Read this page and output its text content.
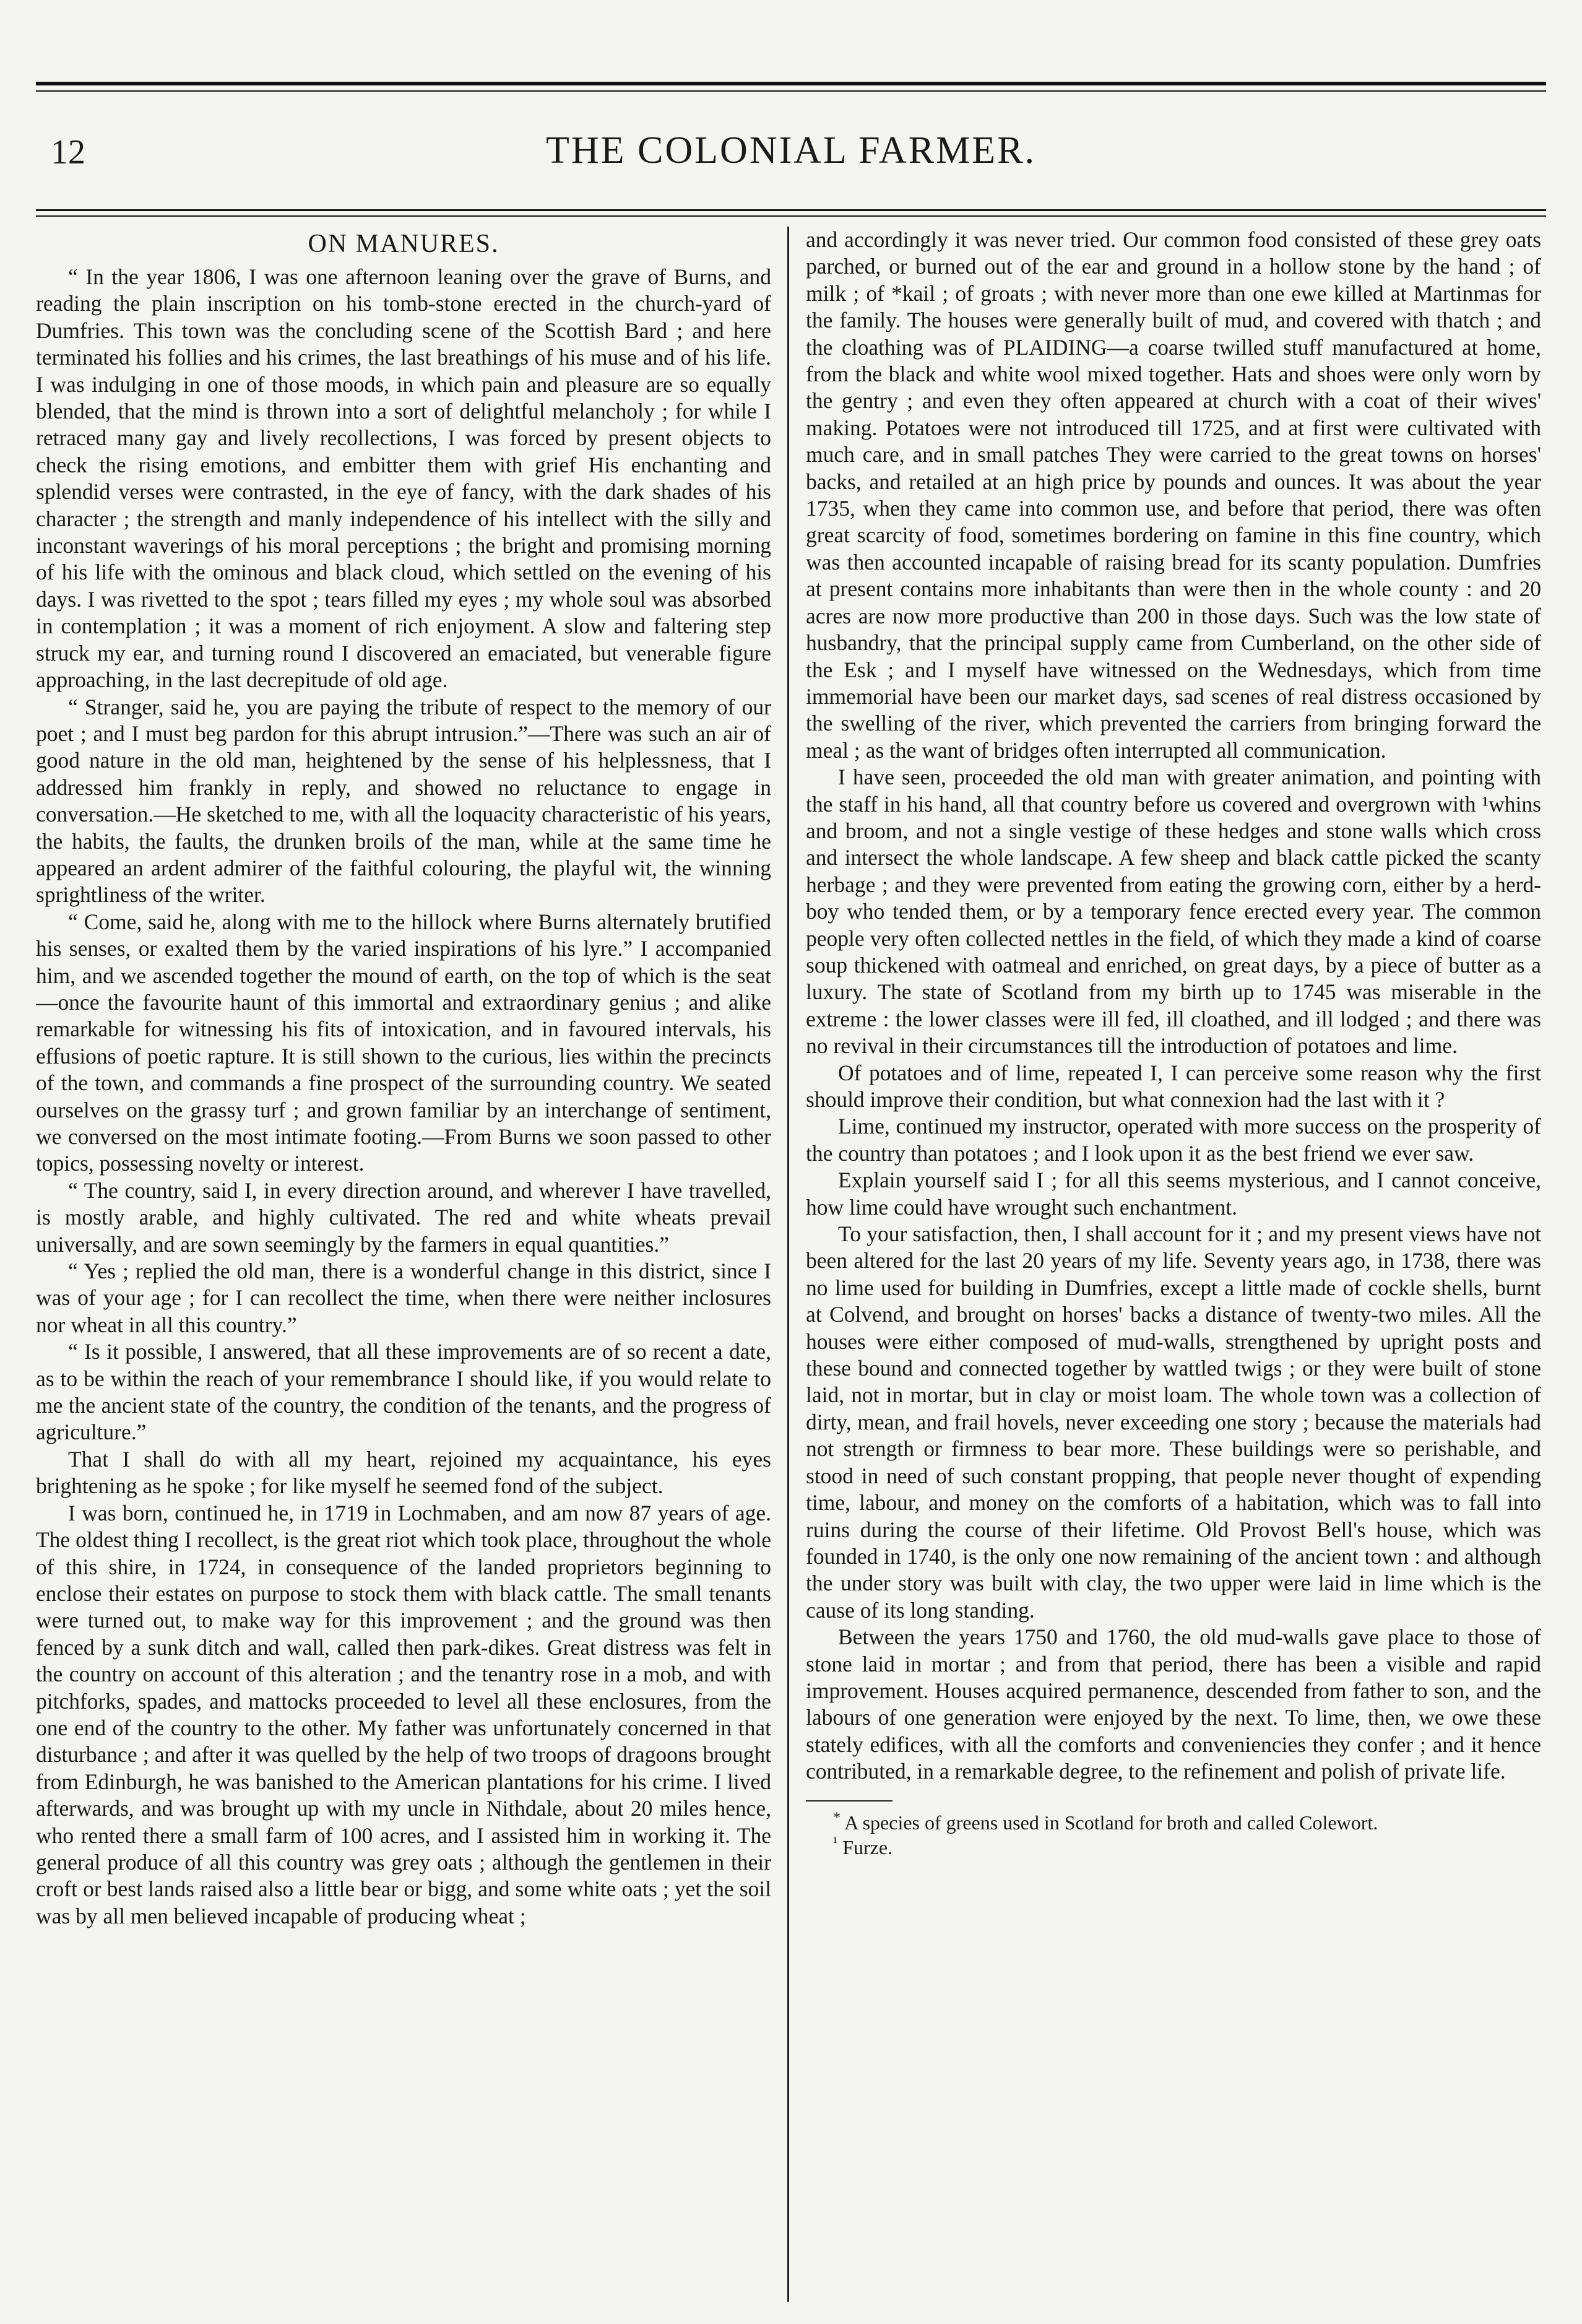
12	THE COLONIAL FARMER.
ON MANURES.

“ In the year 1806, I was one afternoon leaning over the grave of Burns, and reading the plain inscription on his tomb-stone erected in the church-yard of Dumfries. This town was the concluding scene of the Scottish Bard ; and here terminated his follies and his crimes, the last breathings of his muse and of his life. I was indulging in one of those moods, in which pain and pleasure are so equally blended, that the mind is thrown into a sort of delightful melancholy ; for while I retraced many gay and lively recollections, I was forced by present objects to check the rising emotions, and embitter them with grief His enchanting and splendid verses were contrasted, in the eye of fancy, with the dark shades of his character ; the strength and manly independence of his intellect with the silly and inconstant waverings of his moral perceptions ; the bright and promising morning of his life with the ominous and black cloud, which settled on the evening of his days. I was rivetted to the spot ; tears filled my eyes ; my whole soul was absorbed in contemplation ; it was a moment of rich enjoyment. A slow and faltering step struck my ear, and turning round I discovered an emaciated, but venerable figure approaching, in the last decrepitude of old age.

“ Stranger, said he, you are paying the tribute of respect to the memory of our poet ; and I must beg pardon for this abrupt intrusion.”—There was such an air of good nature in the old man, heightened by the sense of his helplessness, that I addressed him frankly in reply, and showed no reluctance to engage in conversation.—He sketched to me, with all the loquacity characteristic of his years, the habits, the faults, the drunken broils of the man, while at the same time he appeared an ardent admirer of the faithful colouring, the playful wit, the winning sprightliness of the writer.

“ Come, said he, along with me to the hillock where Burns alternately brutified his senses, or exalted them by the varied inspirations of his lyre.” I accompanied him, and we ascended together the mound of earth, on the top of which is the seat—once the favourite haunt of this immortal and extraordinary genius ; and alike remarkable for witnessing his fits of intoxication, and in favoured intervals, his effusions of poetic rapture. It is still shown to the curious, lies within the precincts of the town, and commands a fine prospect of the surrounding country. We seated ourselves on the grassy turf ; and grown familiar by an interchange of sentiment, we conversed on the most intimate footing.—From Burns we soon passed to other topics, possessing novelty or interest.

“ The country, said I, in every direction around, and wherever I have travelled, is mostly arable, and highly cultivated. The red and white wheats prevail universally, and are sown seemingly by the farmers in equal quantities.”

“ Yes ; replied the old man, there is a wonderful change in this district, since I was of your age ; for I can recollect the time, when there were neither inclosures nor wheat in all this country.”

“ Is it possible, I answered, that all these improvements are of so recent a date, as to be within the reach of your remembrance I should like, if you would relate to me the ancient state of the country, the condition of the tenants, and the progress of agriculture.”

That I shall do with all my heart, rejoined my acquaintance, his eyes brightening as he spoke ; for like myself he seemed fond of the subject.

I was born, continued he, in 1719 in Lochmaben, and am now 87 years of age. The oldest thing I recollect, is the great riot which took place, throughout the whole of this shire, in 1724, in consequence of the landed proprietors beginning to enclose their estates on purpose to stock them with black cattle. The small tenants were turned out, to make way for this improvement ; and the ground was then fenced by a sunk ditch and wall, called then park-dikes. Great distress was felt in the country on account of this alteration ; and the tenantry rose in a mob, and with pitchforks, spades, and mattocks proceeded to level all these enclosures, from the one end of the country to the other. My father was unfortunately concerned in that disturbance ; and after it was quelled by the help of two troops of dragoons brought from Edinburgh, he was banished to the American plantations for his crime. I lived afterwards, and was brought up with my uncle in Nithdale, about 20 miles hence, who rented there a small farm of 100 acres, and I assisted him in working it. The general produce of all this country was grey oats ; although the gentlemen in their croft or best lands raised also a little bear or bigg, and some white oats ; yet the soil was by all men believed incapable of producing wheat ;

and accordingly it was never tried. Our common food consisted of these grey oats parched, or burned out of the ear and ground in a hollow stone by the hand ; of milk ; of *kail ; of groats ; with never more than one ewe killed at Martinmas for the family. The houses were generally built of mud, and covered with thatch ; and the cloathing was of PLAIDING—a coarse twilled stuff manufactured at home, from the black and white wool mixed together. Hats and shoes were only worn by the gentry ; and even they often appeared at church with a coat of their wives' making. Potatoes were not introduced till 1725, and at first were cultivated with much care, and in small patches They were carried to the great towns on horses' backs, and retailed at an high price by pounds and ounces. It was about the year 1735, when they came into common use, and before that period, there was often great scarcity of food, sometimes bordering on famine in this fine country, which was then accounted incapable of raising bread for its scanty population. Dumfries at present contains more inhabitants than were then in the whole county : and 20 acres are now more productive than 200 in those days. Such was the low state of husbandry, that the principal supply came from Cumberland, on the other side of the Esk ; and I myself have witnessed on the Wednesdays, which from time immemorial have been our market days, sad scenes of real distress occasioned by the swelling of the river, which prevented the carriers from bringing forward the meal ; as the want of bridges often interrupted all communication.

I have seen, proceeded the old man with greater animation, and pointing with the staff in his hand, all that country before us covered and overgrown with ¹whins and broom, and not a single vestige of these hedges and stone walls which cross and intersect the whole landscape. A few sheep and black cattle picked the scanty herbage ; and they were prevented from eating the growing corn, either by a herd-boy who tended them, or by a temporary fence erected every year. The common people very often collected nettles in the field, of which they made a kind of coarse soup thickened with oatmeal and enriched, on great days, by a piece of butter as a luxury. The state of Scotland from my birth up to 1745 was miserable in the extreme : the lower classes were ill fed, ill cloathed, and ill lodged ; and there was no revival in their circumstances till the introduction of potatoes and lime.

Of potatoes and of lime, repeated I, I can perceive some reason why the first should improve their condition, but what connexion had the last with it ?

Lime, continued my instructor, operated with more success on the prosperity of the country than potatoes ; and I look upon it as the best friend we ever saw.

Explain yourself said I ; for all this seems mysterious, and I cannot conceive, how lime could have wrought such enchantment.

To your satisfaction, then, I shall account for it ; and my present views have not been altered for the last 20 years of my life. Seventy years ago, in 1738, there was no lime used for building in Dumfries, except a little made of cockle shells, burnt at Colvend, and brought on horses' backs a distance of twenty-two miles. All the houses were either composed of mud-walls, strengthened by upright posts and these bound and connected together by wattled twigs ; or they were built of stone laid, not in mortar, but in clay or moist loam. The whole town was a collection of dirty, mean, and frail hovels, never exceeding one story ; because the materials had not strength or firmness to bear more. These buildings were so perishable, and stood in need of such constant propping, that people never thought of expending time, labour, and money on the comforts of a habitation, which was to fall into ruins during the course of their lifetime. Old Provost Bell's house, which was founded in 1740, is the only one now remaining of the ancient town : and although the under story was built with clay, the two upper were laid in lime which is the cause of its long standing.

Between the years 1750 and 1760, the old mud-walls gave place to those of stone laid in mortar ; and from that period, there has been a visible and rapid improvement. Houses acquired permanence, descended from father to son, and the labours of one generation were enjoyed by the next. To lime, then, we owe these stately edifices, with all the comforts and conveniencies they confer ; and it hence contributed, in a remarkable degree, to the refinement and polish of private life.

* A species of greens used in Scotland for broth and called Colewort.

$^{^1}$ Furze.
